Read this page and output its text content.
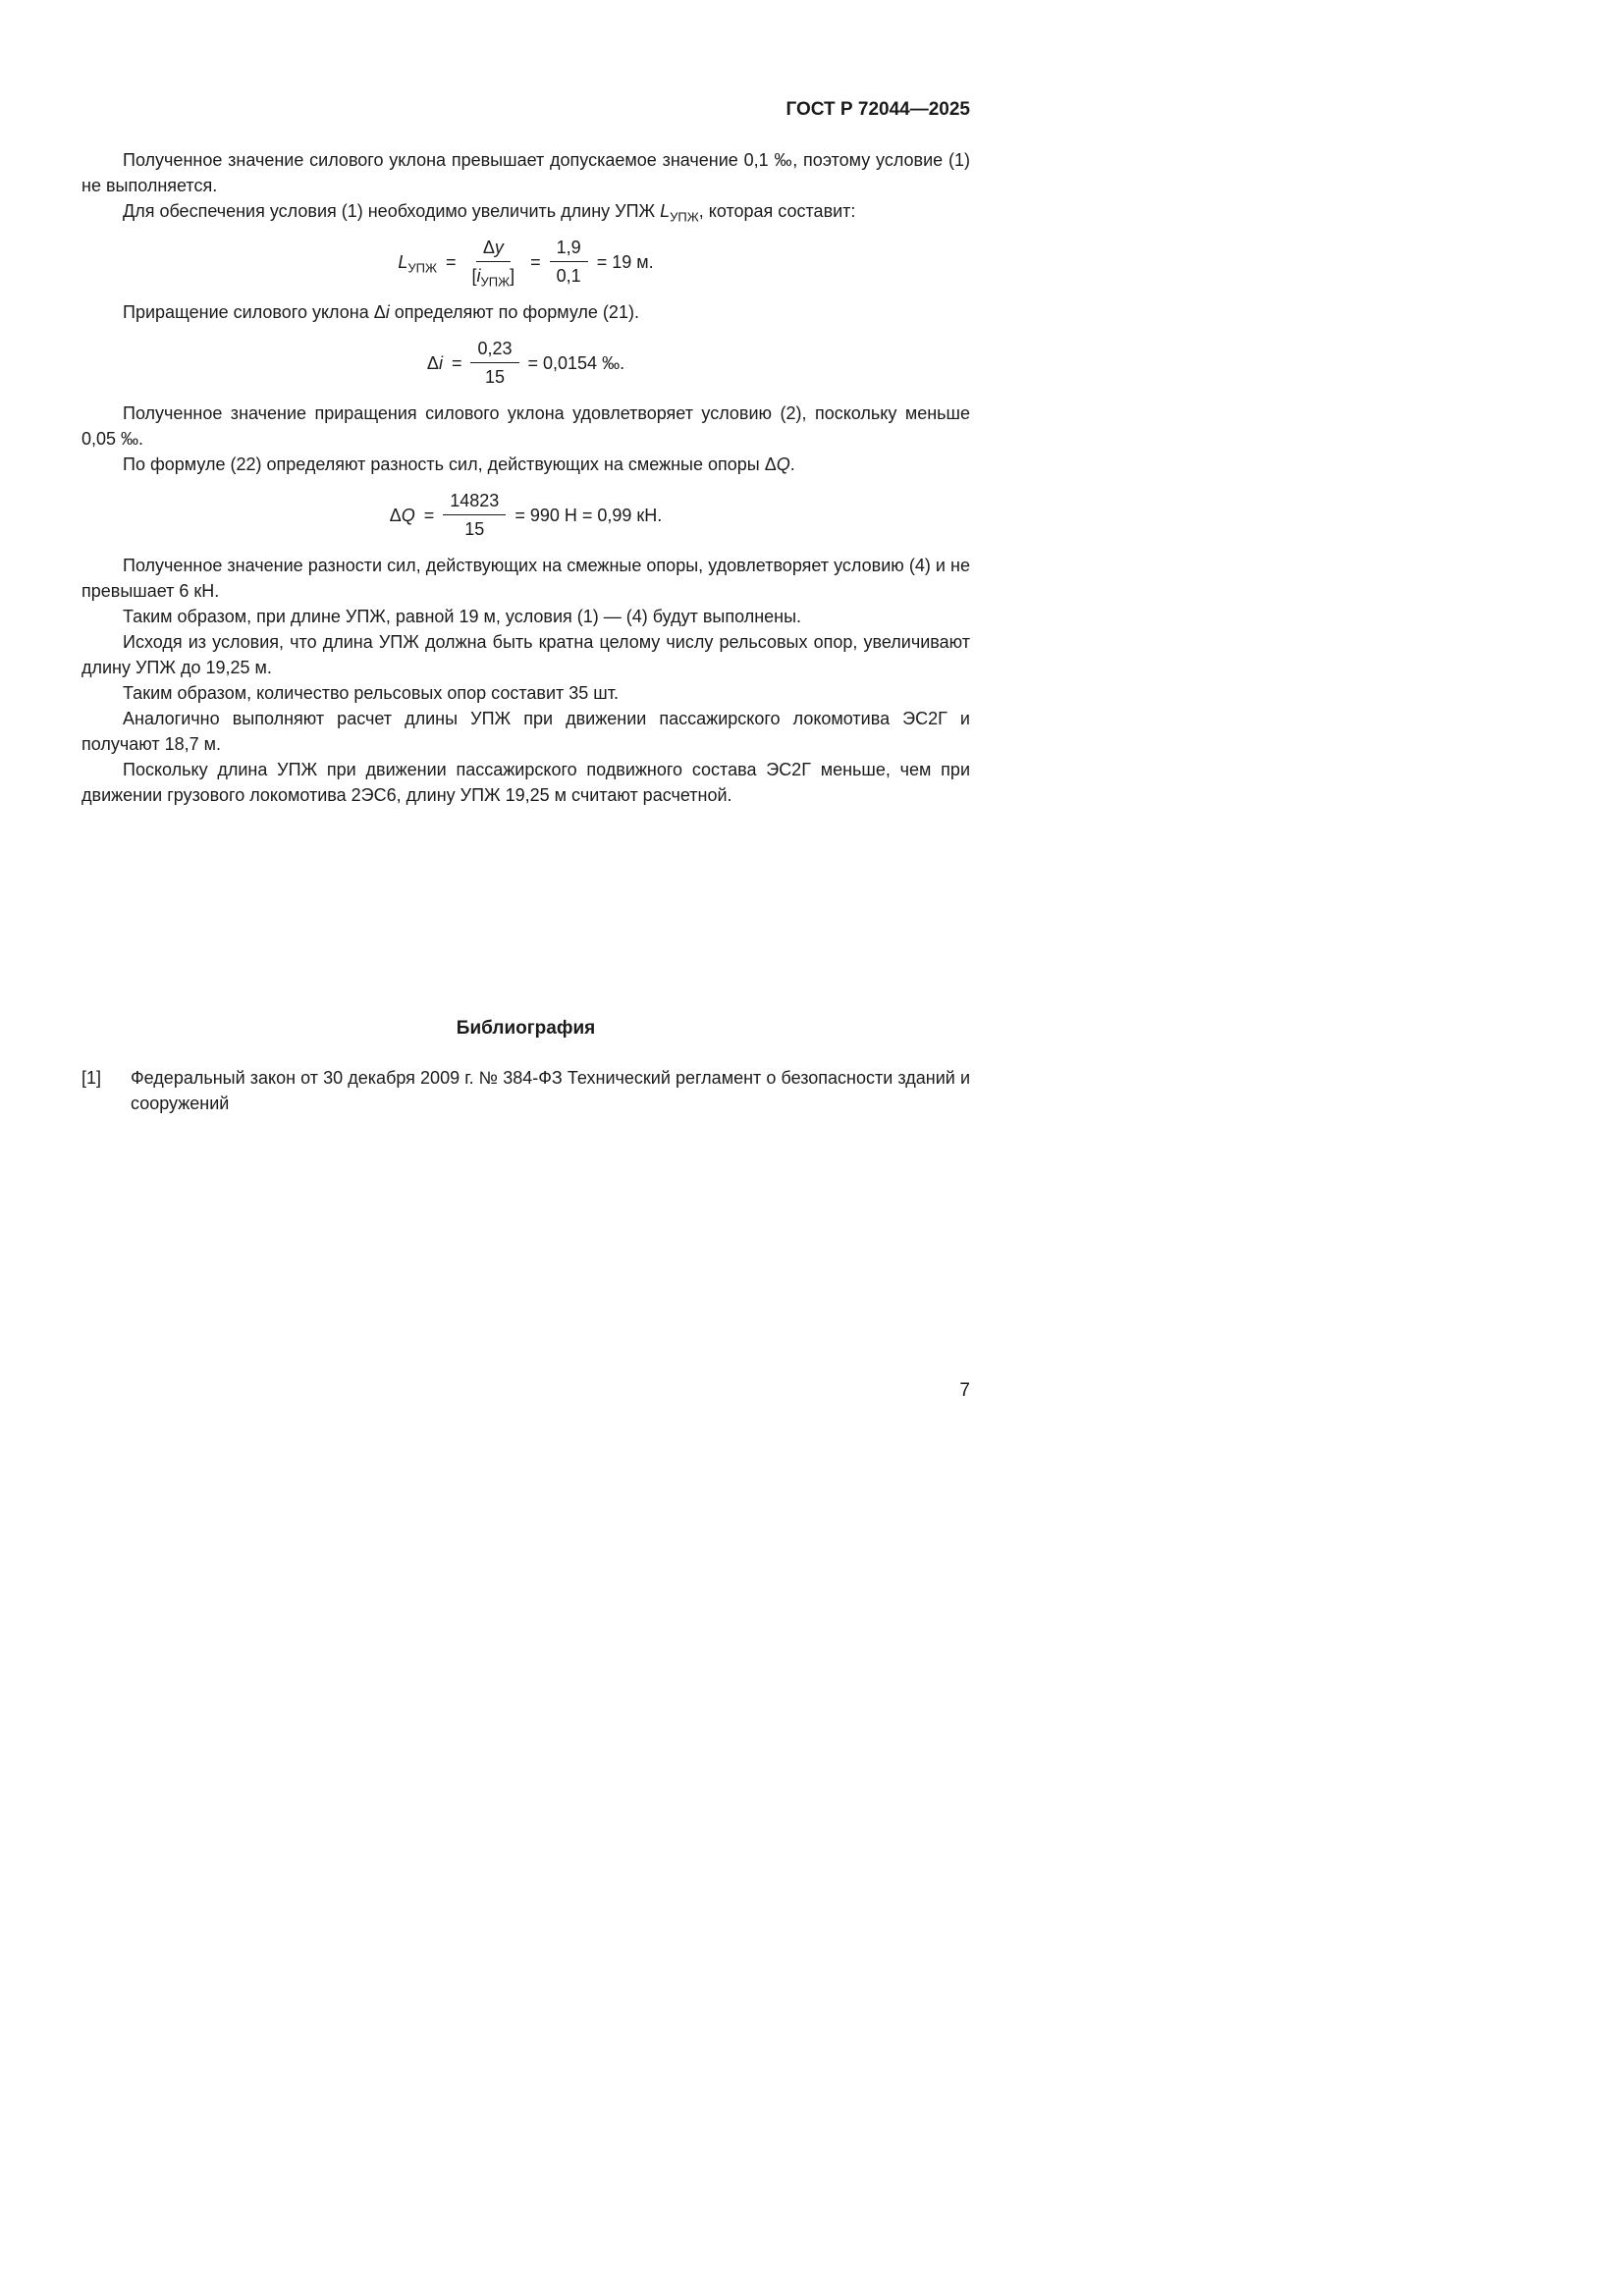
ГОСТ Р 72044—2025

Полученное значение силового уклона превышает допускаемое значение 0,1 ‰, поэтому условие (1) не выполняется.

Для обеспечения условия (1) необходимо увеличить длину УПЖ $L_{УПЖ}$, которая составит:

$L_{УПЖ} = \frac{\Delta y}{[i_{УПЖ}]} = \frac{1,9}{0,1} = 19$ м.

Приращение силового уклона Δi определяют по формуле (21).

$\Delta i = \frac{0,23}{15} = 0,0154$ ‰.

Полученное значение приращения силового уклона удовлетворяет условию (2), поскольку меньше 0,05 ‰.

По формуле (22) определяют разность сил, действующих на смежные опоры ΔQ.

$\Delta Q = \frac{14823}{15} = 990$ Н = 0,99 кН.

Полученное значение разности сил, действующих на смежные опоры, удовлетворяет условию (4) и не превышает 6 кН.

Таким образом, при длине УПЖ, равной 19 м, условия (1) — (4) будут выполнены.

Исходя из условия, что длина УПЖ должна быть кратна целому числу рельсовых опор, увеличивают длину УПЖ до 19,25 м.

Таким образом, количество рельсовых опор составит 35 шт.

Аналогично выполняют расчет длины УПЖ при движении пассажирского локомотива ЭС2Г и получают 18,7 м.

Поскольку длина УПЖ при движении пассажирского подвижного состава ЭС2Г меньше, чем при движении грузового локомотива 2ЭС6, длину УПЖ 19,25 м считают расчетной.

Библиография
[1]	Федеральный закон от 30 декабря 2009 г. № 384-ФЗ Технический регламент о безопасности зданий и сооружений
7
